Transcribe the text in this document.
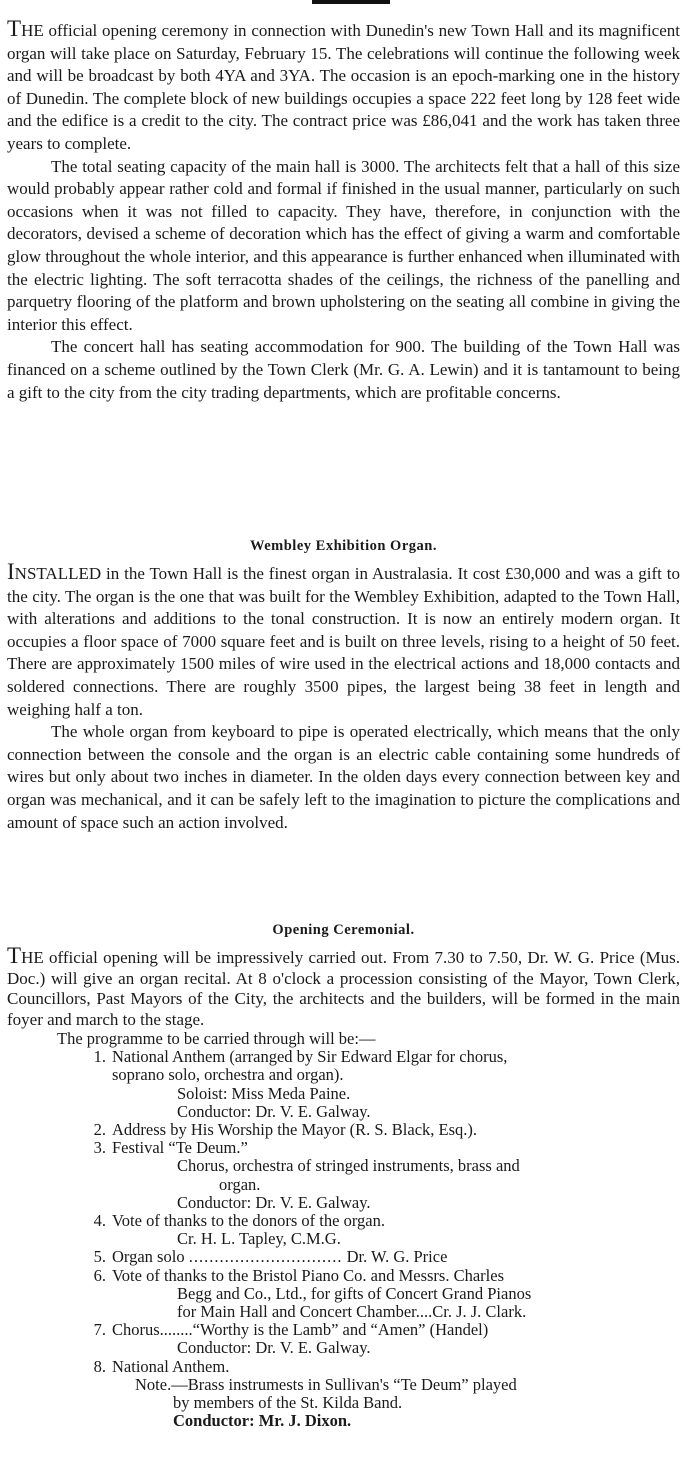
THE official opening ceremony in connection with Dunedin's new Town Hall and its magnificent organ will take place on Saturday, February 15. The celebrations will continue the following week and will be broadcast by both 4YA and 3YA. The occasion is an epoch-marking one in the history of Dunedin. The complete block of new buildings occupies a space 222 feet long by 128 feet wide and the edifice is a credit to the city. The contract price was £86,041 and the work has taken three years to complete.

The total seating capacity of the main hall is 3000. The architects felt that a hall of this size would probably appear rather cold and formal if finished in the usual manner, particularly on such occasions when it was not filled to capacity. They have, therefore, in conjunction with the decorators, devised a scheme of decoration which has the effect of giving a warm and comfortable glow throughout the whole interior, and this appearance is further enhanced when illuminated with the electric lighting. The soft terracotta shades of the ceilings, the richness of the panelling and parquetry flooring of the platform and brown upholstering on the seating all combine in giving the interior this effect.

The concert hall has seating accommodation for 900. The building of the Town Hall was financed on a scheme outlined by the Town Clerk (Mr. G. A. Lewin) and it is tantamount to being a gift to the city from the city trading departments, which are profitable concerns.

Wembley Exhibition Organ.

INSTALLED in the Town Hall is the finest organ in Australasia. It cost £30,000 and was a gift to the city. The organ is the one that was built for the Wembley Exhibition, adapted to the Town Hall, with alterations and additions to the tonal construction. It is now an entirely modern organ. It occupies a floor space of 7000 square feet and is built on three levels, rising to a height of 50 feet. There are approximately 1500 miles of wire used in the electrical actions and 18,000 contacts and soldered connections. There are roughly 3500 pipes, the largest being 38 feet in length and weighing half a ton.

The whole organ from keyboard to pipe is operated electrically, which means that the only connection between the console and the organ is an electric cable containing some hundreds of wires but only about two inches in diameter. In the olden days every connection between key and organ was mechanical, and it can be safely left to the imagination to picture the complications and amount of space such an action involved.

Opening Ceremonial.

THE official opening will be impressively carried out. From 7.30 to 7.50, Dr. W. G. Price (Mus. Doc.) will give an organ recital. At 8 o'clock a procession consisting of the Mayor, Town Clerk, Councillors, Past Mayors of the City, the architects and the builders, will be formed in the main foyer and march to the stage.

The programme to be carried through will be:—
1. National Anthem (arranged by Sir Edward Elgar for chorus,
soprano solo, orchestra and organ).
Soloist: Miss Meda Paine.
Conductor: Dr. V. E. Galway.
2. Address by His Worship the Mayor (R. S. Black, Esq.).
3. Festival “Te Deum.”
Chorus, orchestra of stringed instruments, brass and
organ.
Conductor: Dr. V. E. Galway.
4. Vote of thanks to the donors of the organ.
Cr. H. L. Tapley, C.M.G.
5. Organ solo .............................. Dr. W. G. Price
6. Vote of thanks to the Bristol Piano Co. and Messrs. Charles
Begg and Co., Ltd., for gifts of Concert Grand Pianos
for Main Hall and Concert Chamber....Cr. J. J. Clark.
7. Chorus........“Worthy is the Lamb” and “Amen” (Handel)
Conductor: Dr. V. E. Galway.
8. National Anthem.
Note.—Brass instrumests in Sullivan's “Te Deum” played
by members of the St. Kilda Band.
Conductor: Mr. J. Dixon.
